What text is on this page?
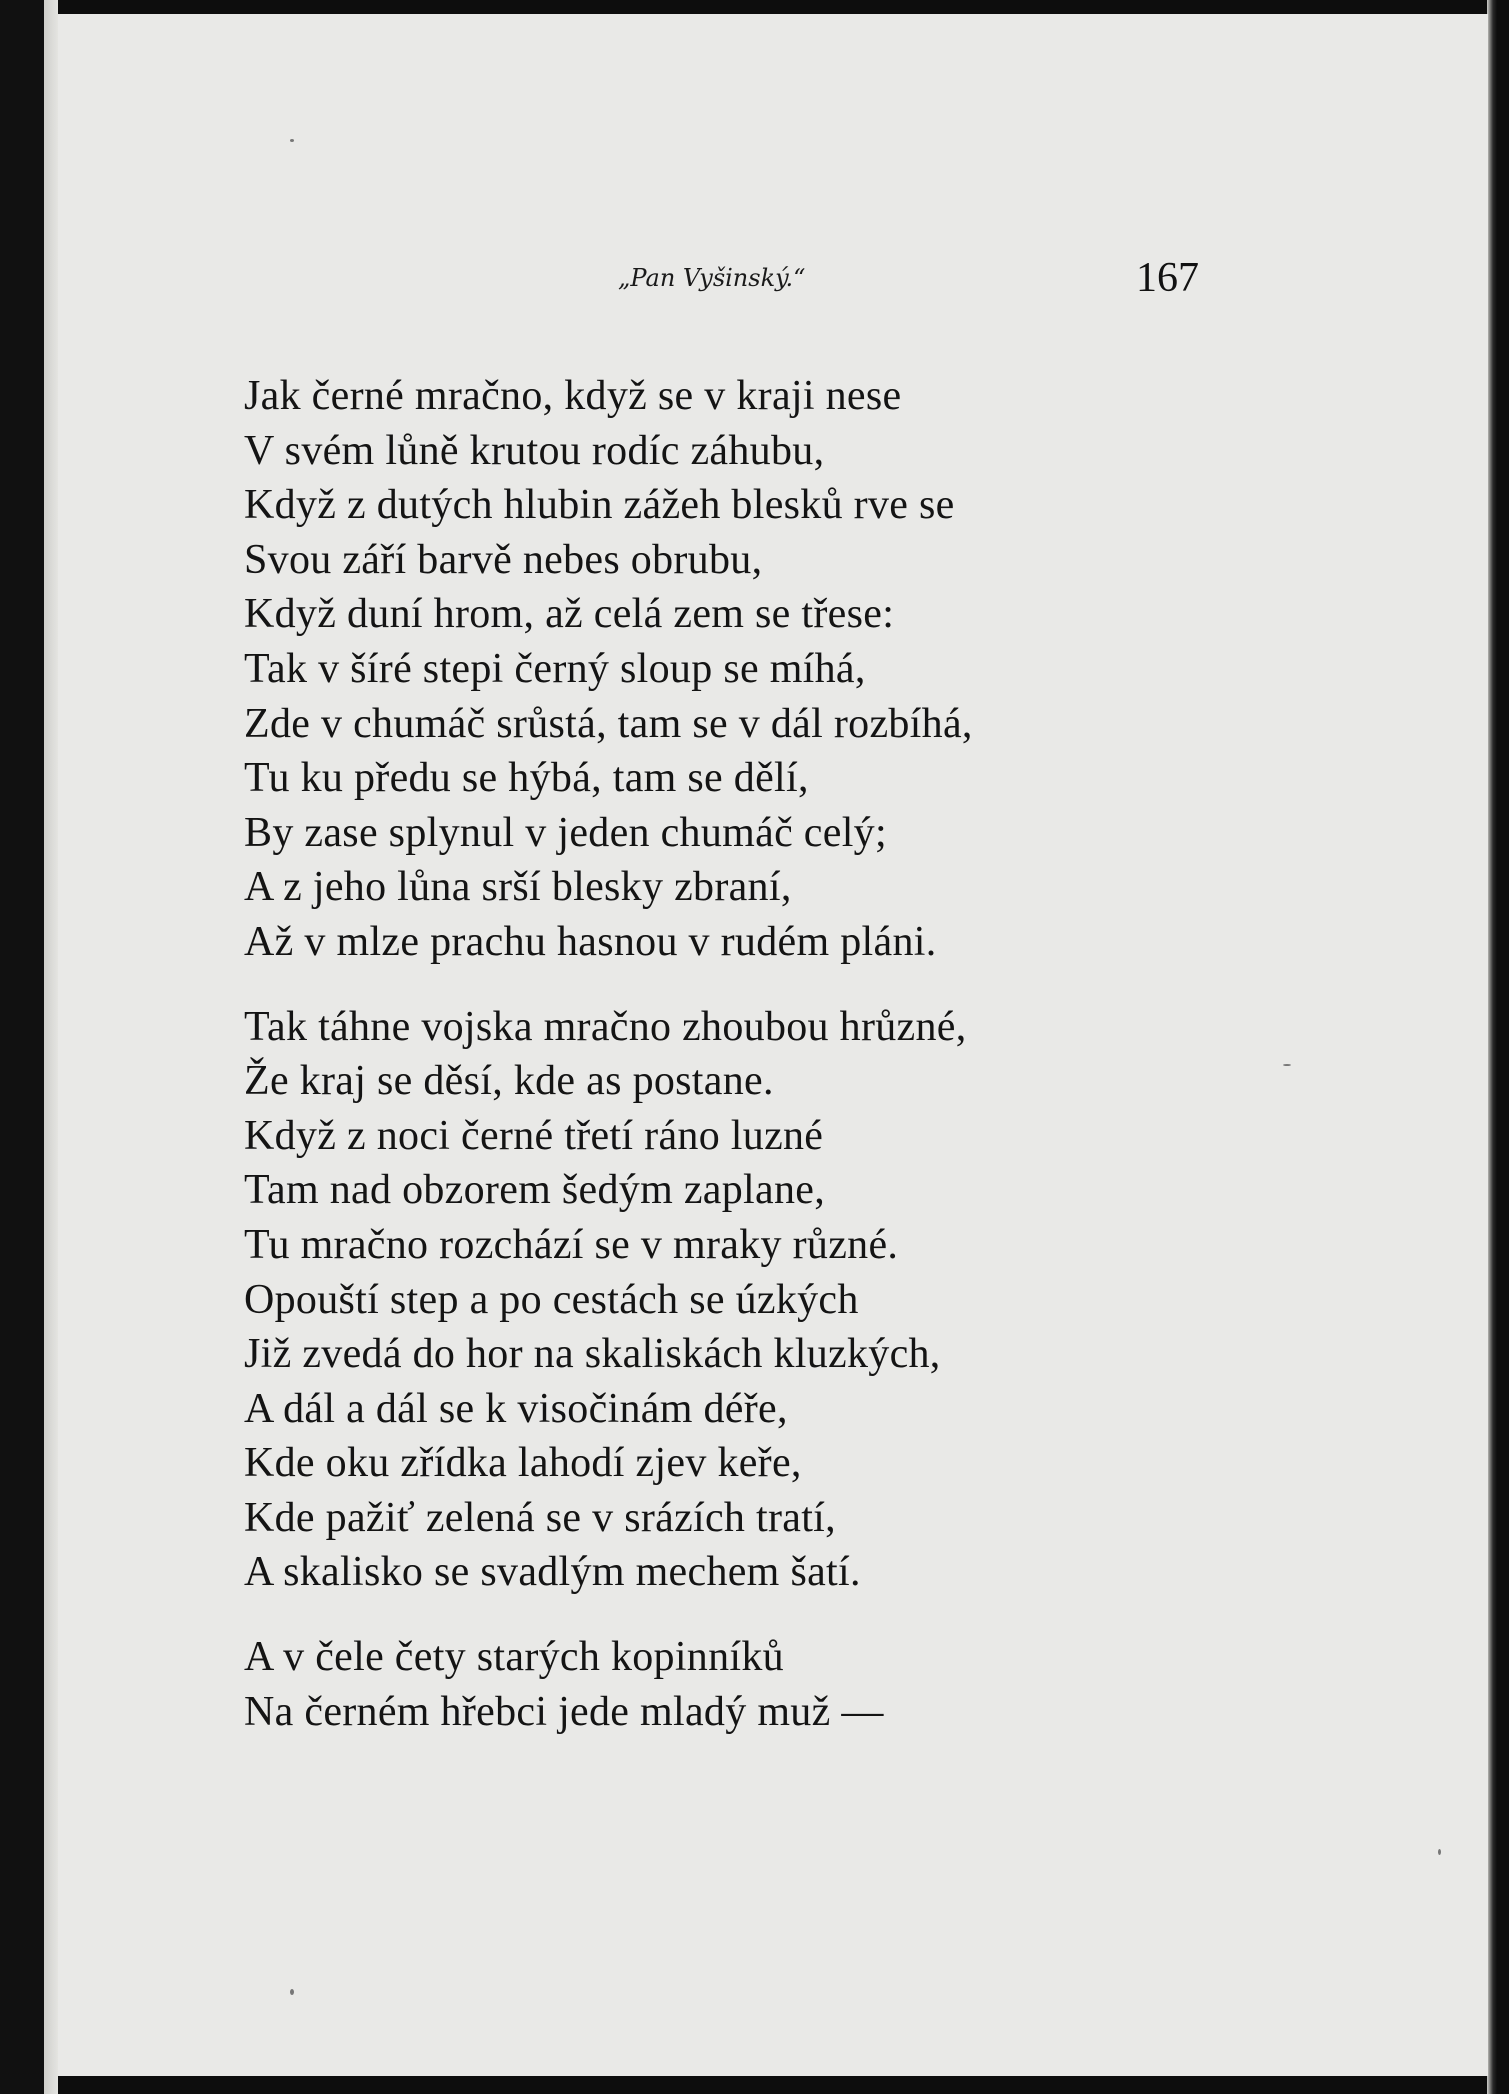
„Pan Vyšinský.“	167
Jak černé mračno, když se v kraji nese
V svém lůně krutou rodíc záhubu,
Když z dutých hlubin zážeh blesků rve se
Svou září barvě nebes obrubu,
Když duní hrom, až celá zem se třese:
Tak v šíré stepi černý sloup se míhá,
Zde v chumáč srůstá, tam se v dál rozbíhá,
Tu ku předu se hýbá, tam se dělí,
By zase splynul v jeden chumáč celý;
A z jeho lůna srší blesky zbraní,
Až v mlze prachu hasnou v rudém pláni.
Tak táhne vojska mračno zhoubou hrůzné,
Že kraj se děsí, kde as postane.
Když z noci černé třetí ráno luzné
Tam nad obzorem šedým zaplane,
Tu mračno rozchází se v mraky různé.
Opouští step a po cestách se úzkých
Již zvedá do hor na skaliskách kluzkých,
A dál a dál se k visočinám déře,
Kde oku zřídka lahodí zjev keře,
Kde pažiť zelená se v srázích tratí,
A skalisko se svadlým mechem šatí.
A v čele čety starých kopinníků
Na černém hřebci jede mladý muž —
